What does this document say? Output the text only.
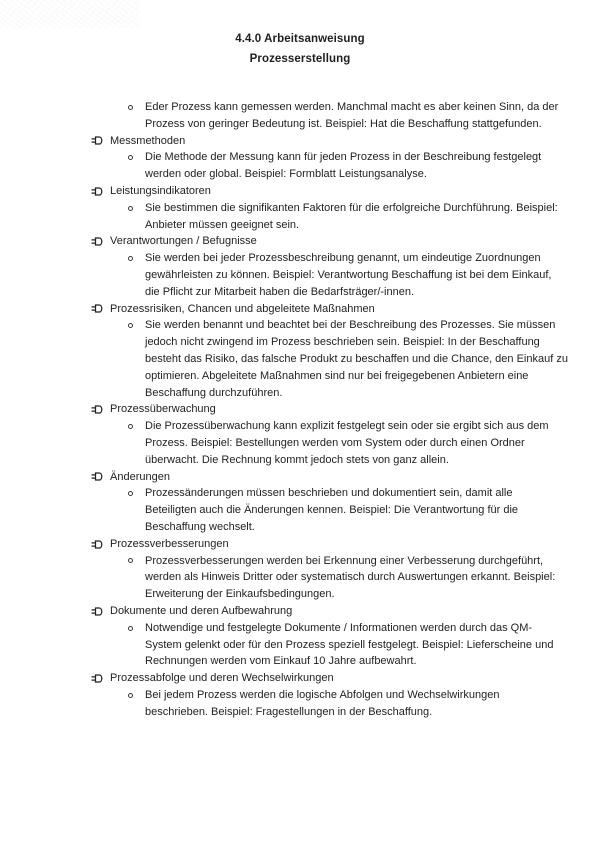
4.4.0 Arbeitsanweisung
Prozesserstellung
Eder Prozess kann gemessen werden. Manchmal macht es aber keinen Sinn, da der
Prozess von geringer Bedeutung ist. Beispiel: Hat die Beschaffung stattgefunden.
Messmethoden
Die Methode der Messung kann für jeden Prozess in der Beschreibung festgelegt
werden oder global. Beispiel: Formblatt Leistungsanalyse.
Leistungsindikatoren
Sie bestimmen die signifikanten Faktoren für die erfolgreiche Durchführung. Beispiel:
Anbieter müssen geeignet sein.
Verantwortungen / Befugnisse
Sie werden bei jeder Prozessbeschreibung genannt, um eindeutige Zuordnungen
gewährleisten zu können. Beispiel: Verantwortung Beschaffung ist bei dem Einkauf,
die Pflicht zur Mitarbeit haben die Bedarfsträger/-innen.
Prozessrisiken, Chancen und abgeleitete Maßnahmen
Sie werden benannt und beachtet bei der Beschreibung des Prozesses. Sie müssen
jedoch nicht zwingend im Prozess beschrieben sein. Beispiel: In der Beschaffung
besteht das Risiko, das falsche Produkt zu beschaffen und die Chance, den Einkauf zu
optimieren. Abgeleitete Maßnahmen sind nur bei freigegebenen Anbietern eine
Beschaffung durchzuführen.
Prozessüberwachung
Die Prozessüberwachung kann explizit festgelegt sein oder sie ergibt sich aus dem
Prozess. Beispiel: Bestellungen werden vom System oder durch einen Ordner
überwacht. Die Rechnung kommt jedoch stets von ganz allein.
Änderungen
Prozessänderungen müssen beschrieben und dokumentiert sein, damit alle
Beteiligten auch die Änderungen kennen. Beispiel: Die Verantwortung für die
Beschaffung wechselt.
Prozessverbesserungen
Prozessverbesserungen werden bei Erkennung einer Verbesserung durchgeführt,
werden als Hinweis Dritter oder systematisch durch Auswertungen erkannt. Beispiel:
Erweiterung der Einkaufsbedingungen.
Dokumente und deren Aufbewahrung
Notwendige und festgelegte Dokumente / Informationen werden durch das QM-
System gelenkt oder für den Prozess speziell festgelegt. Beispiel: Lieferscheine und
Rechnungen werden vom Einkauf 10 Jahre aufbewahrt.
Prozessabfolge und deren Wechselwirkungen
Bei jedem Prozess werden die logische Abfolgen und Wechselwirkungen
beschrieben. Beispiel: Fragestellungen in der Beschaffung.
